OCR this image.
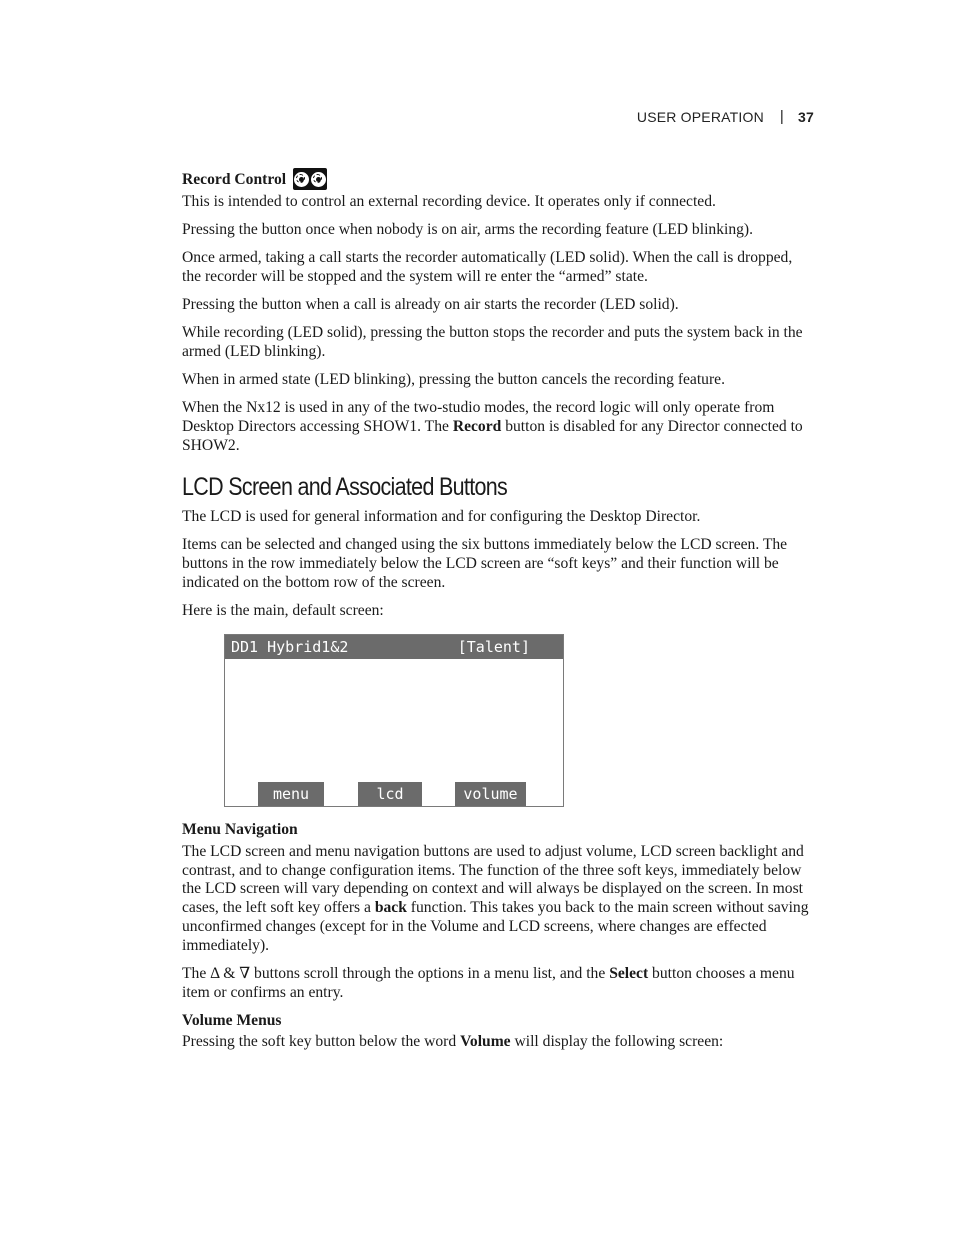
USER OPERATION | 37
Record Control

This is intended to control an external recording device. It operates only if connected.

Pressing the button once when nobody is on air, arms the recording feature (LED blinking).

Once armed, taking a call starts the recorder automatically (LED solid). When the call is dropped, the recorder will be stopped and the system will re enter the “armed” state.

Pressing the button when a call is already on air starts the recorder (LED solid).

While recording (LED solid), pressing the button stops the recorder and puts the system back in the armed (LED blinking).

When in armed state (LED blinking), pressing the button cancels the recording feature.

When the Nx12 is used in any of the two-studio modes, the record logic will only operate from Desktop Directors accessing SHOW1. The Record button is disabled for any Director connected to SHOW2.

LCD Screen and Associated Buttons

The LCD is used for general information and for configuring the Desktop Director.

Items can be selected and changed using the six buttons immediately below the LCD screen. The buttons in the row immediately below the LCD screen are “soft keys” and their function will be indicated on the bottom row of the screen.

Here is the main, default screen:

DD1 Hybrid1&2	[Talent]
menu	lcd	volume
Menu Navigation

The LCD screen and menu navigation buttons are used to adjust volume, LCD screen backlight and contrast, and to change configuration items. The function of the three soft keys, immediately below the LCD screen will vary depending on context and will always be displayed on the screen. In most cases, the left soft key offers a back function. This takes you back to the main screen without saving unconfirmed changes (except for in the Volume and LCD screens, where changes are effected immediately).

The Δ & ∇ buttons scroll through the options in a menu list, and the Select button chooses a menu item or confirms an entry.

Volume Menus

Pressing the soft key button below the word Volume will display the following screen:
